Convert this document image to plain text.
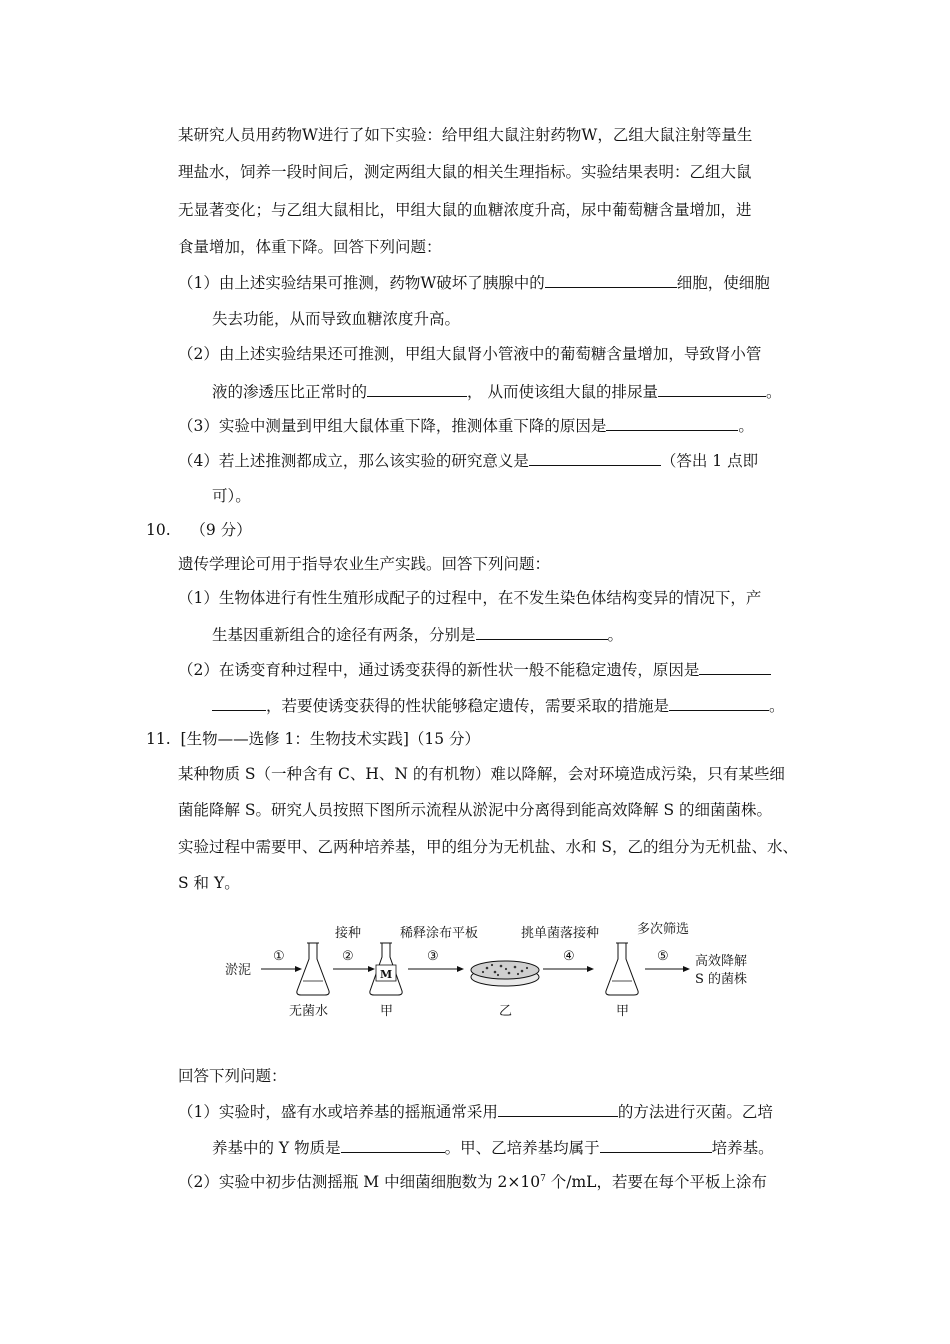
某研究人员用药物W进行了如下实验：给甲组大鼠注射药物W，乙组大鼠注射等量生
理盐水，饲养一段时间后，测定两组大鼠的相关生理指标。实验结果表明：乙组大鼠
无显著变化；与乙组大鼠相比，甲组大鼠的血糖浓度升高，尿中葡萄糖含量增加，进
食量增加，体重下降。回答下列问题：
（1）由上述实验结果可推测，药物W破坏了胰腺中的	细胞，使细胞
失去功能，从而导致血糖浓度升高。
（2）由上述实验结果还可推测，甲组大鼠肾小管液中的葡萄糖含量增加，导致肾小管
液的渗透压比正常时的	， 从而使该组大鼠的排尿量	。
（3）实验中测量到甲组大鼠体重下降，推测体重下降的原因是	。
（4）若上述推测都成立，那么该实验的研究意义是	（答出 1 点即
可）。
10. （9 分）
遗传学理论可用于指导农业生产实践。回答下列问题：
（1）生物体进行有性生殖形成配子的过程中，在不发生染色体结构变异的情况下，产
生基因重新组合的途径有两条，分别是	。
（2）在诱变育种过程中，通过诱变获得的新性状一般不能稳定遗传，原因是
，若要使诱变获得的性状能够稳定遗传，需要采取的措施是	。
11. [生物——选修 1：生物技术实践]（15 分）
某种物质 S（一种含有 C、H、N 的有机物）难以降解，会对环境造成污染，只有某些细
菌能降解 S。研究人员按照下图所示流程从淤泥中分离得到能高效降解 S 的细菌菌株。
实验过程中需要甲、乙两种培养基，甲的组分为无机盐、水和 S，乙的组分为无机盐、水、
S 和 Y。
淤泥
①
无菌水
接种
②
M
甲
稀释涂布平板
③
乙
挑单菌落接种
④
甲
多次筛选
⑤ 高效降解
S 的菌株
回答下列问题：
（1）实验时，盛有水或培养基的摇瓶通常采用	的方法进行灭菌。乙培
养基中的 Y 物质是	。甲、乙培养基均属于	培养基。
（2）实验中初步估测摇瓶 M 中细菌细胞数为 $2\times 10^7$ 个/mL，若要在每个平板上涂布
